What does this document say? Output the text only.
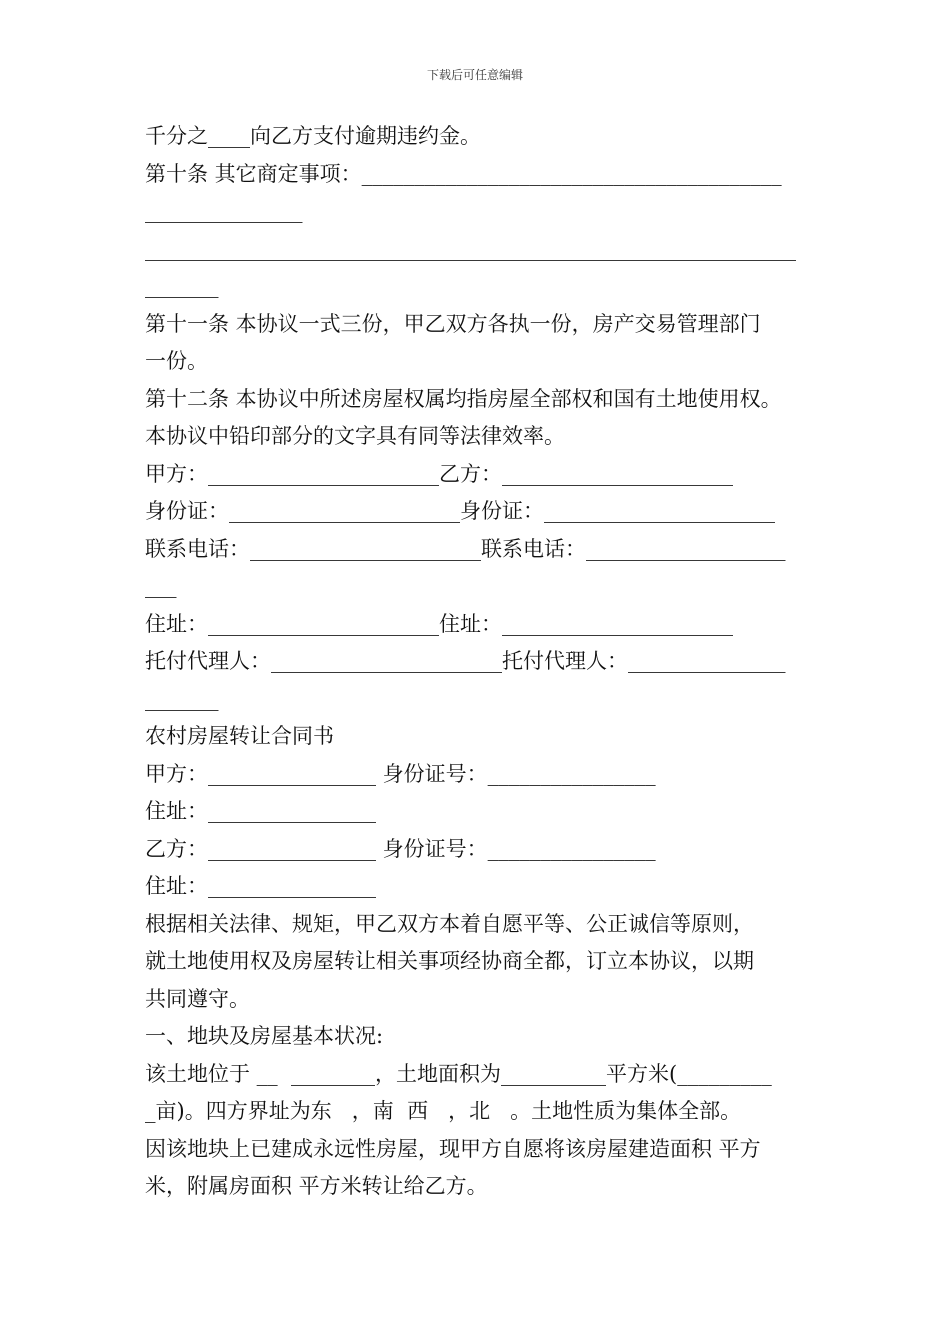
下载后可任意编辑
千分之____向乙方支付逾期违约金。
第十条 其它商定事项：________________________________________
_______________
______________________________________________________________
_______
第十一条 本协议一式三份，甲乙双方各执一份，房产交易管理部门
一份。
第十二条 本协议中所述房屋权属均指房屋全部权和国有土地使用权。
本协议中铅印部分的文字具有同等法律效率。
甲方：______________________乙方：______________________
身份证：______________________身份证：______________________
联系电话：______________________联系电话：___________________
___
住址：______________________住址：______________________
托付代理人：______________________托付代理人：_______________
_______
农村房屋转让合同书
甲方：________________ 身份证号：________________
住址：________________
乙方：________________ 身份证号：________________
住址：________________
根据相关法律、规矩，甲乙双方本着自愿平等、公正诚信等原则，
就土地使用权及房屋转让相关事项经协商全都，订立本协议，以期
共同遵守。
一、地块及房屋基本状况:
该土地位于 __  ________，土地面积为__________平方米(_________
_亩)。四方界址为东   ，南  西   ，北   。土地性质为集体全部。
因该地块上已建成永远性房屋，现甲方自愿将该房屋建造面积 平方
米，附属房面积 平方米转让给乙方。
